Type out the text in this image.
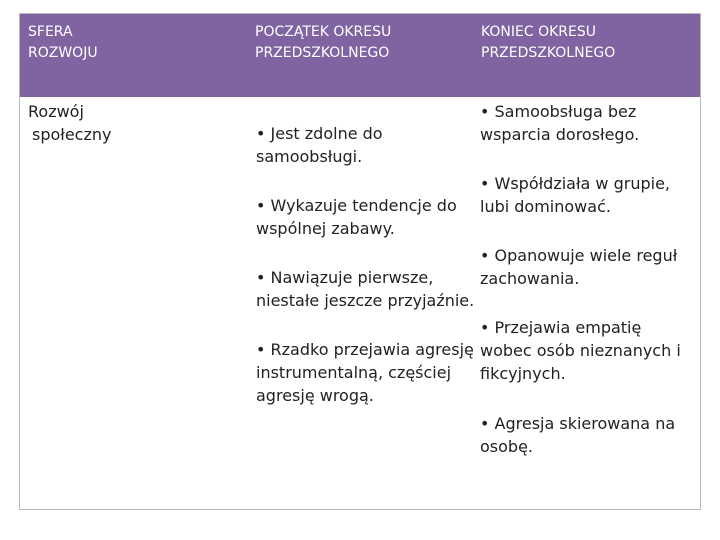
SFERA
ROZWOJU
POCZĄTEK OKRESU
PRZEDSZKOLNEGO
KONIEC OKRESU
PRZEDSZKOLNEGO
Rozwój
społeczny	• Jest zdolne do
samoobsługi.
• Wykazuje tendencje do
wspólnej zabawy.
• Nawiązuje pierwsze,
niestałe jeszcze przyjaźnie.
• Rzadko przejawia agresję
instrumentalną, częściej
agresję wrogą.
• Samoobsługa bez
wsparcia dorosłego.
• Współdziała w grupie,
lubi dominować.
• Opanowuje wiele reguł
zachowania.
• Przejawia empatię
wobec osób nieznanych i
fikcyjnych.
• Agresja skierowana na
osobę.
